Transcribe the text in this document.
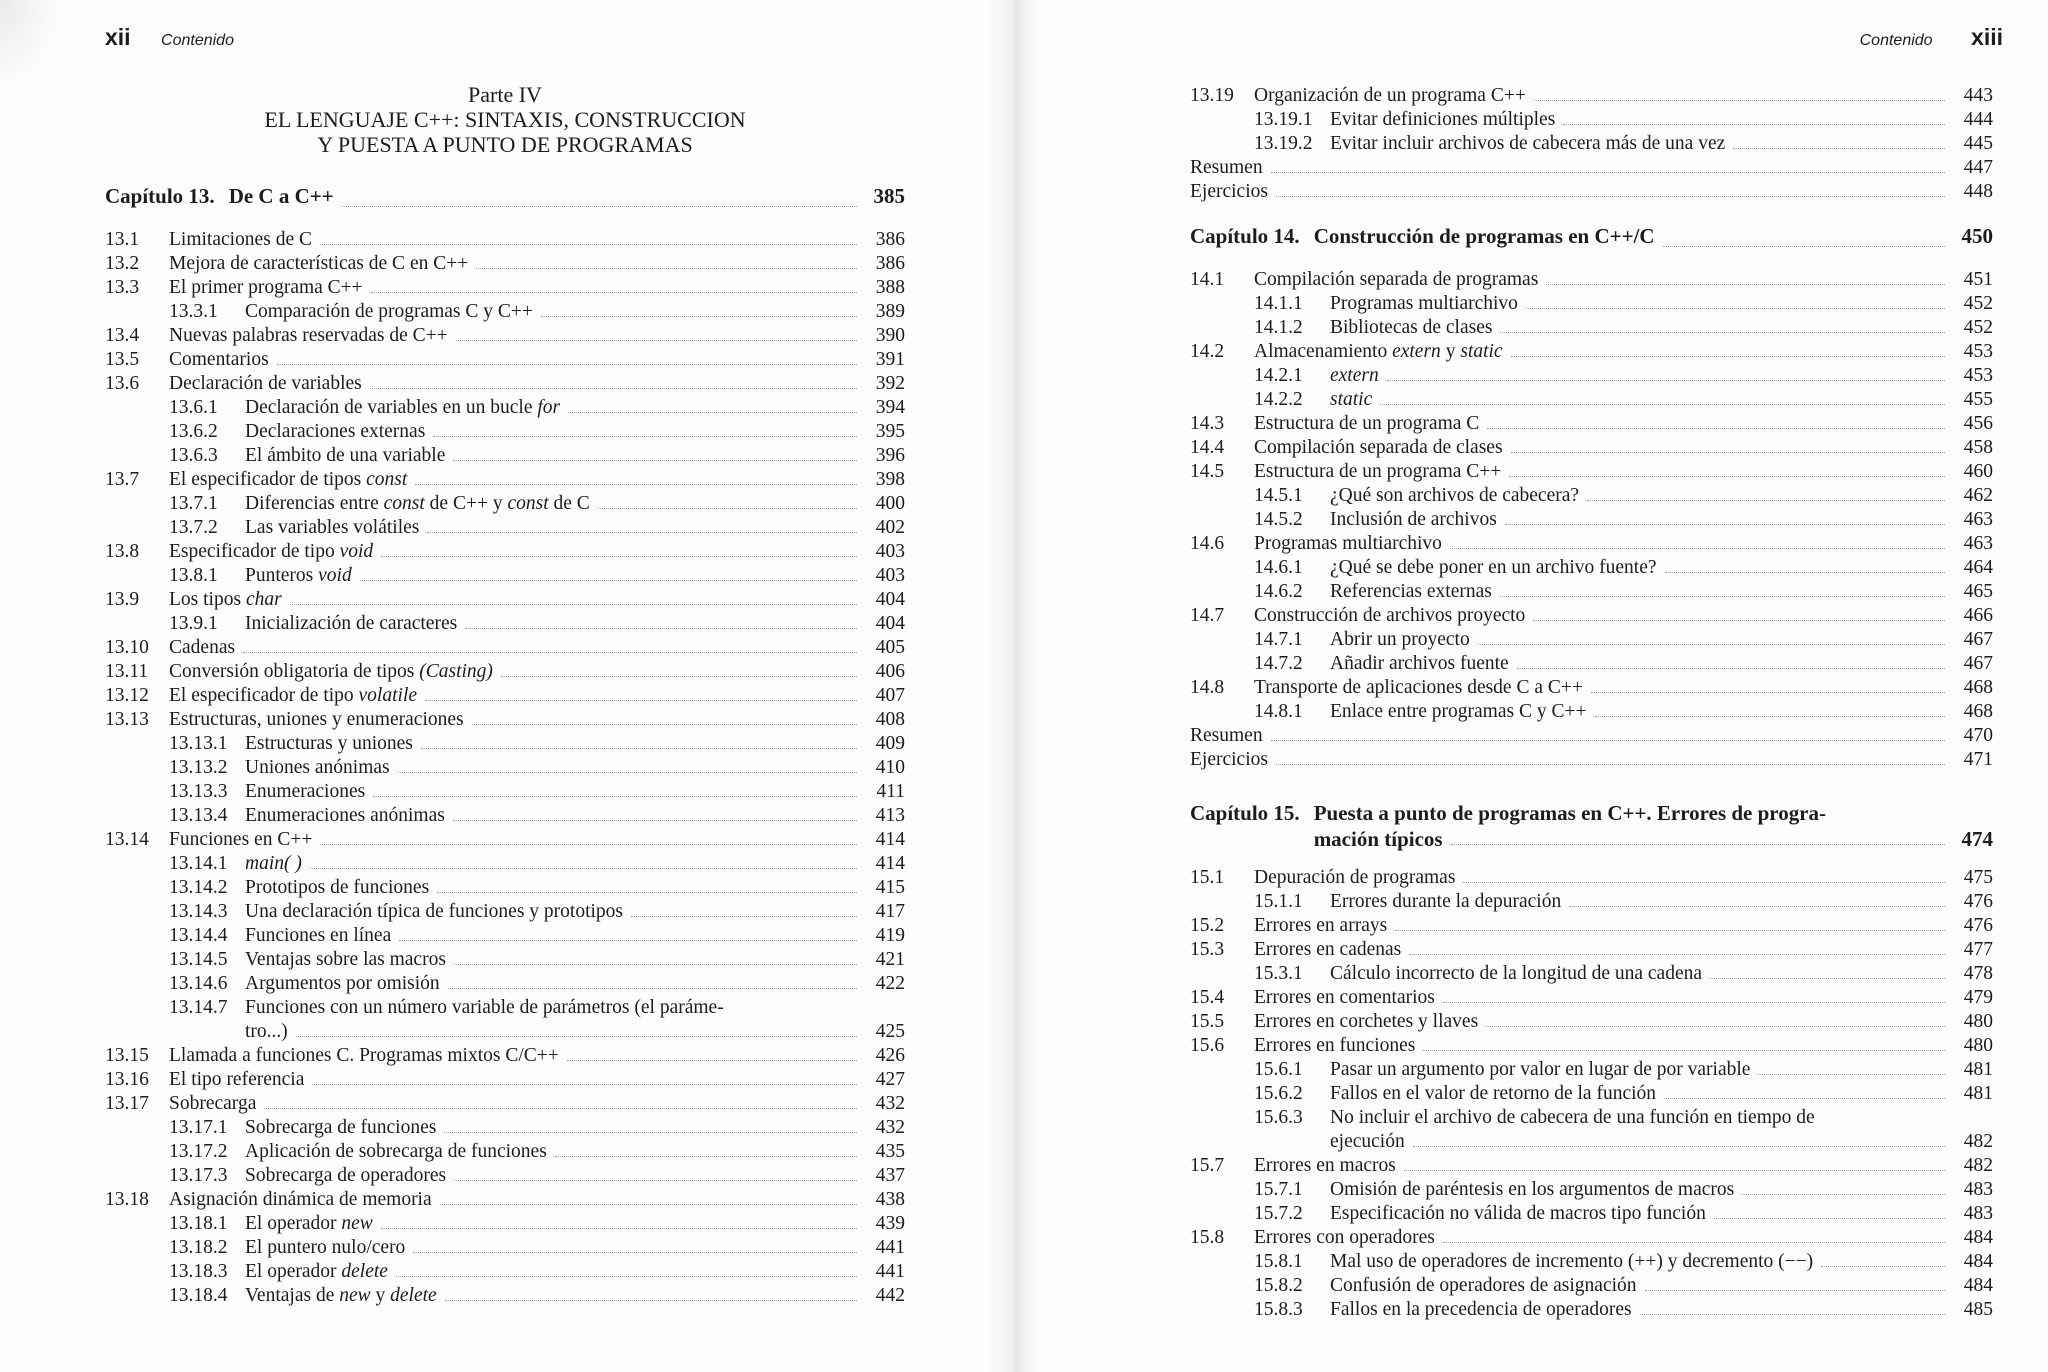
xii Contenido
Parte IV
EL LENGUAJE C++: SINTAXIS, CONSTRUCCION
Y PUESTA A PUNTO DE PROGRAMAS
Capítulo 13. De C a C++	385
13.1	Limitaciones de C	386
13.2	Mejora de características de C en C++	386
13.3	El primer programa C++	388
13.3.1	Comparación de programas C y C++	389
13.4	Nuevas palabras reservadas de C++	390
13.5	Comentarios	391
13.6	Declaración de variables	392
13.6.1	Declaración de variables en un bucle for	394
13.6.2	Declaraciones externas	395
13.6.3	El ámbito de una variable	396
13.7	El especificador de tipos const	398
13.7.1	Diferencias entre const de C++ y const de C	400
13.7.2	Las variables volátiles	402
13.8	Especificador de tipo void	403
13.8.1	Punteros void	403
13.9	Los tipos char	404
13.9.1	Inicialización de caracteres	404
13.10	Cadenas	405
13.11	Conversión obligatoria de tipos (Casting)	406
13.12	El especificador de tipo volatile	407
13.13	Estructuras, uniones y enumeraciones	408
13.13.1 Estructuras y uniones	409
13.13.2 Uniones anónimas	410
13.13.3 Enumeraciones	411
13.13.4 Enumeraciones anónimas	413
13.14	Funciones en C++	414
13.14.1 main( )	414
13.14.2 Prototipos de funciones	415
13.14.3 Una declaración típica de funciones y prototipos	417
13.14.4 Funciones en línea	419
13.14.5 Ventajas sobre las macros	421
13.14.6 Argumentos por omisión	422
13.14.7 Funciones con un número variable de parámetros (el paráme-
tro...)	425
13.15	Llamada a funciones C. Programas mixtos C/C++	426
13.16	El tipo referencia	427
13.17	Sobrecarga	432
13.17.1 Sobrecarga de funciones	432
13.17.2 Aplicación de sobrecarga de funciones	435
13.17.3 Sobrecarga de operadores	437
13.18	Asignación dinámica de memoria	438
13.18.1 El operador new	439
13.18.2 El puntero nulo/cero	441
13.18.3 El operador delete	441
13.18.4 Ventajas de new y delete	442
Contenido xiii
13.19	Organización de un programa C++	443
13.19.1 Evitar definiciones múltiples	444
13.19.2 Evitar incluir archivos de cabecera más de una vez	445
Resumen	447
Ejercicios	448
Capítulo 14. Construcción de programas en C++/C	450
14.1	Compilación separada de programas	451
14.1.1	Programas multiarchivo	452
14.1.2	Bibliotecas de clases	452
14.2	Almacenamiento extern y static	453
14.2.1	extern	453
14.2.2	static	455
14.3	Estructura de un programa C	456
14.4	Compilación separada de clases	458
14.5	Estructura de un programa C++	460
14.5.1	¿Qué son archivos de cabecera?	462
14.5.2	Inclusión de archivos	463
14.6	Programas multiarchivo	463
14.6.1	¿Qué se debe poner en un archivo fuente?	464
14.6.2	Referencias externas	465
14.7	Construcción de archivos proyecto	466
14.7.1	Abrir un proyecto	467
14.7.2	Añadir archivos fuente	467
14.8	Transporte de aplicaciones desde C a C++	468
14.8.1	Enlace entre programas C y C++	468
Resumen	470
Ejercicios	471
Capítulo 15. Puesta a punto de programas en C++. Errores de progra-
mación típicos	474
15.1	Depuración de programas	475
15.1.1	Errores durante la depuración	476
15.2	Errores en arrays	476
15.3	Errores en cadenas	477
15.3.1	Cálculo incorrecto de la longitud de una cadena	478
15.4	Errores en comentarios	479
15.5	Errores en corchetes y llaves	480
15.6	Errores en funciones	480
15.6.1	Pasar un argumento por valor en lugar de por variable	481
15.6.2	Fallos en el valor de retorno de la función	481
15.6.3	No incluir el archivo de cabecera de una función en tiempo de
ejecución	482
15.7	Errores en macros	482
15.7.1	Omisión de paréntesis en los argumentos de macros	483
15.7.2	Especificación no válida de macros tipo función	483
15.8	Errores con operadores	484
15.8.1	Mal uso de operadores de incremento (++) y decremento (−−)	484
15.8.2	Confusión de operadores de asignación	484
15.8.3	Fallos en la precedencia de operadores	485
